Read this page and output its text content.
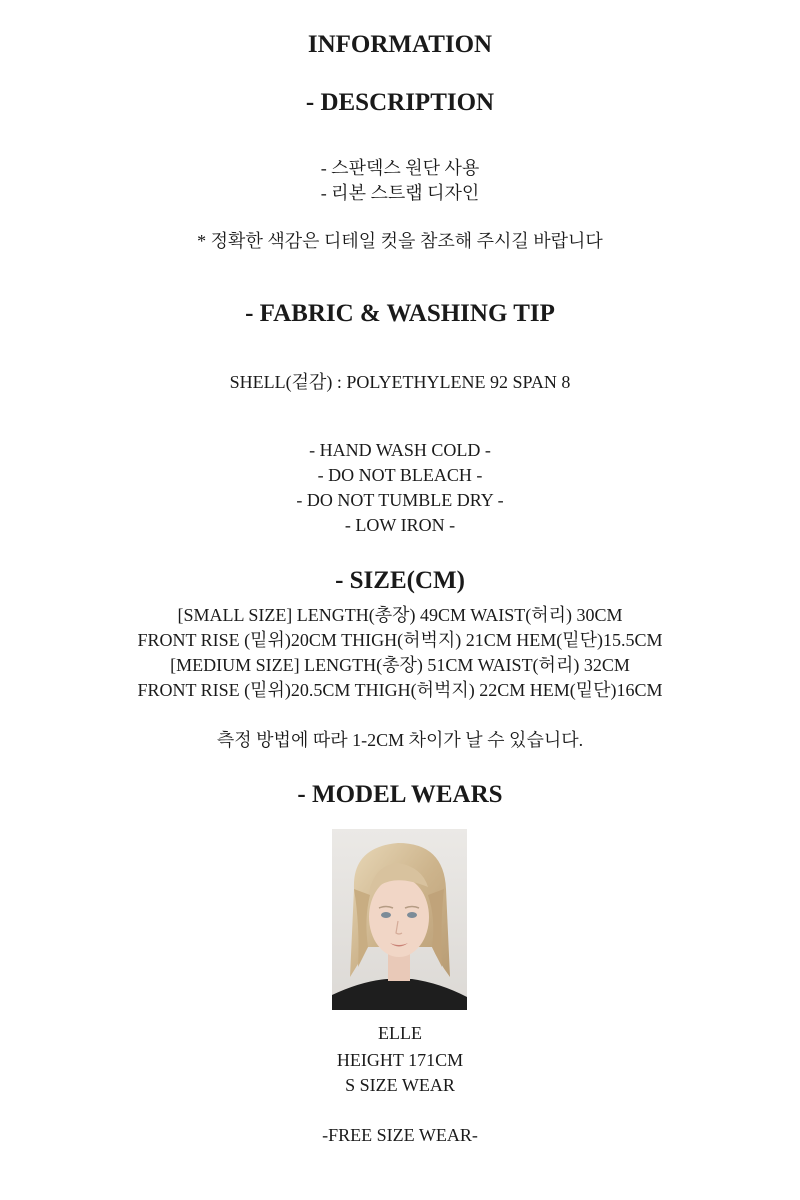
INFORMATION
- DESCRIPTION
- 스판덱스 원단 사용
- 리본 스트랩 디자인
* 정확한 색감은 디테일 컷을 참조해 주시길 바랍니다
- FABRIC & WASHING TIP
SHELL(겉감) : POLYETHYLENE 92 SPAN 8
- HAND WASH COLD -
- DO NOT BLEACH -
- DO NOT TUMBLE DRY -
- LOW IRON -
- SIZE(CM)
[SMALL SIZE] LENGTH(총장) 49CM WAIST(허리) 30CM
FRONT RISE (밑위)20CM THIGH(허벅지) 21CM HEM(밑단)15.5CM
[MEDIUM SIZE] LENGTH(총장) 51CM WAIST(허리) 32CM
FRONT RISE (밑위)20.5CM THIGH(허벅지) 22CM HEM(밑단)16CM
측정 방법에 따라 1-2CM 차이가 날 수 있습니다.
- MODEL WEARS
ELLE
HEIGHT 171CM
S SIZE WEAR
-FREE SIZE WEAR-
